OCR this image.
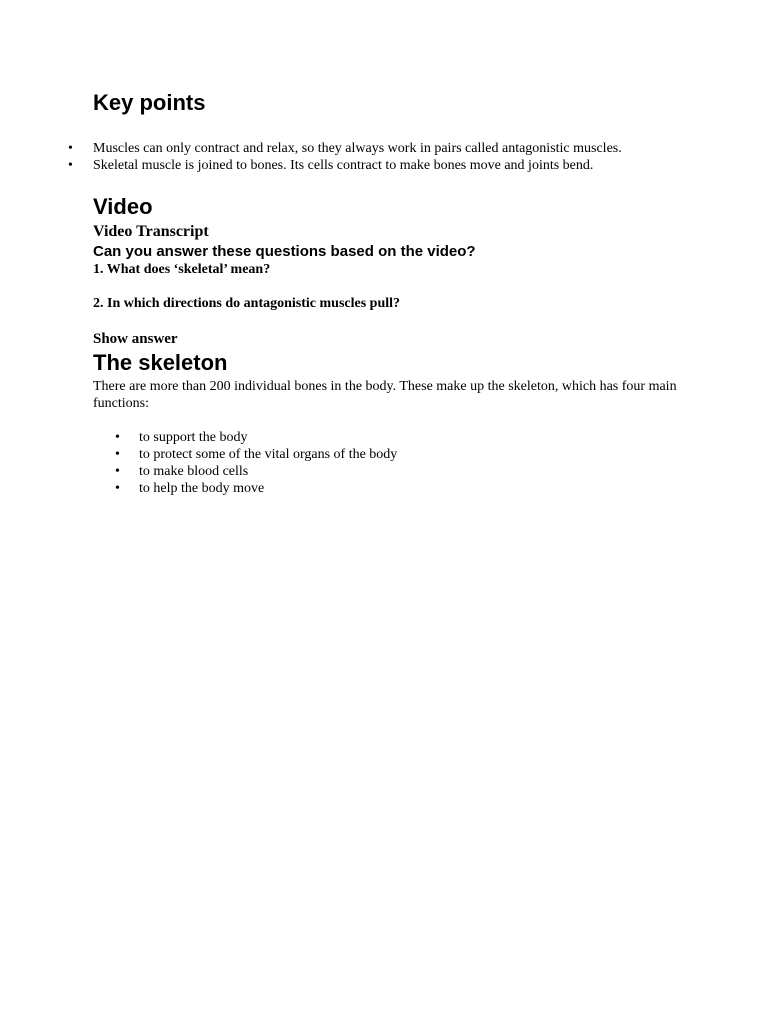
Key points
• Muscles can only contract and relax, so they always work in pairs called antagonistic muscles.

• Skeletal muscle is joined to bones. Its cells contract to make bones move and joints bend.

Video

Video Transcript

Can you answer these questions based on the video?

1. What does ‘skeletal’ mean?

2. In which directions do antagonistic muscles pull?

Show answer

The skeleton

There are more than 200 individual bones in the body. These make up the skeleton, which has four main functions:

• to support the body

• to protect some of the vital organs of the body

• to make blood cells

• to help the body move
